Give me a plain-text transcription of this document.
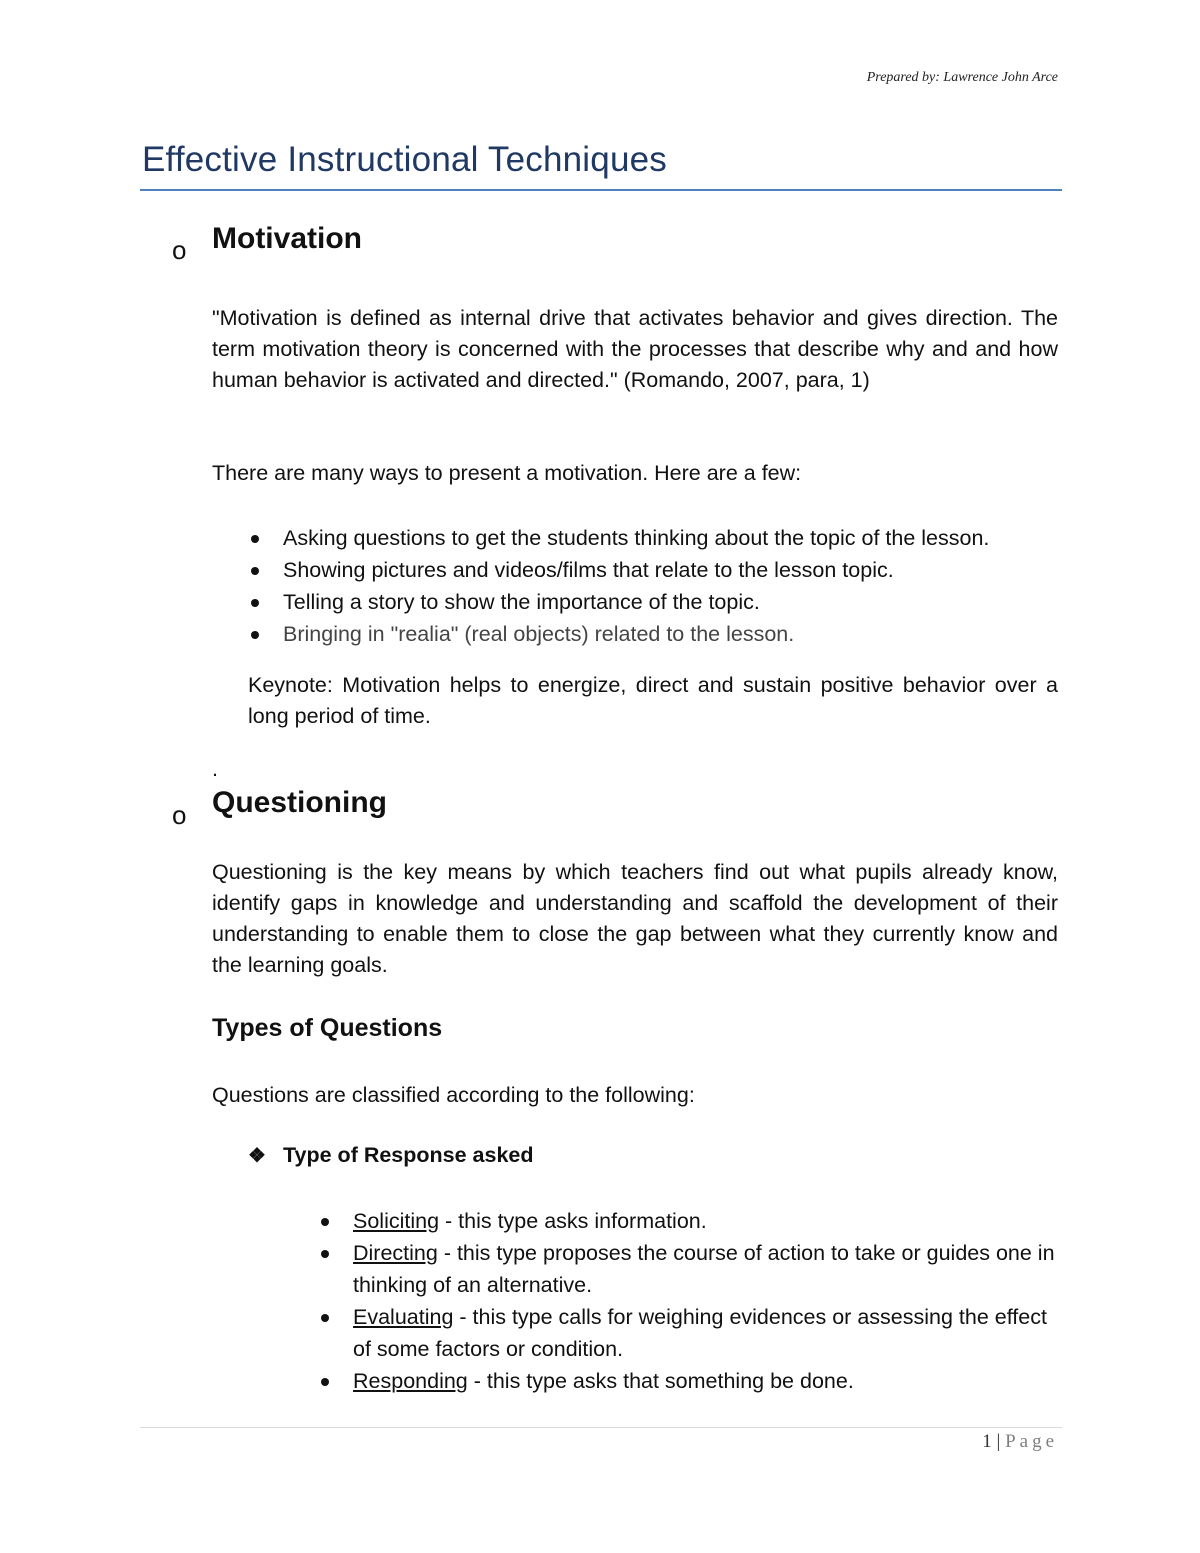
Prepared by: Lawrence John Arce
Effective Instructional Techniques
o Motivation
"Motivation is defined as internal drive that activates behavior and gives direction. The term motivation theory is concerned with the processes that describe why and and how human behavior is activated and directed." (Romando, 2007, para, 1)
There are many ways to present a motivation. Here are a few:
Asking questions to get the students thinking about the topic of the lesson.
Showing pictures and videos/films that relate to the lesson topic.
Telling a story to show the importance of the topic.
Bringing in "realia" (real objects) related to the lesson.
Keynote: Motivation helps to energize, direct and sustain positive behavior over a long period of time.
.
o Questioning
Questioning is the key means by which teachers find out what pupils already know, identify gaps in knowledge and understanding and scaffold the development of their understanding to enable them to close the gap between what they currently know and the learning goals.
Types of Questions
Questions are classified according to the following:
❖ Type of Response asked
Soliciting - this type asks information.
Directing - this type proposes the course of action to take or guides one in thinking of an alternative.
Evaluating - this type calls for weighing evidences or assessing the effect of some factors or condition.
Responding - this type asks that something be done.
1 | Page
